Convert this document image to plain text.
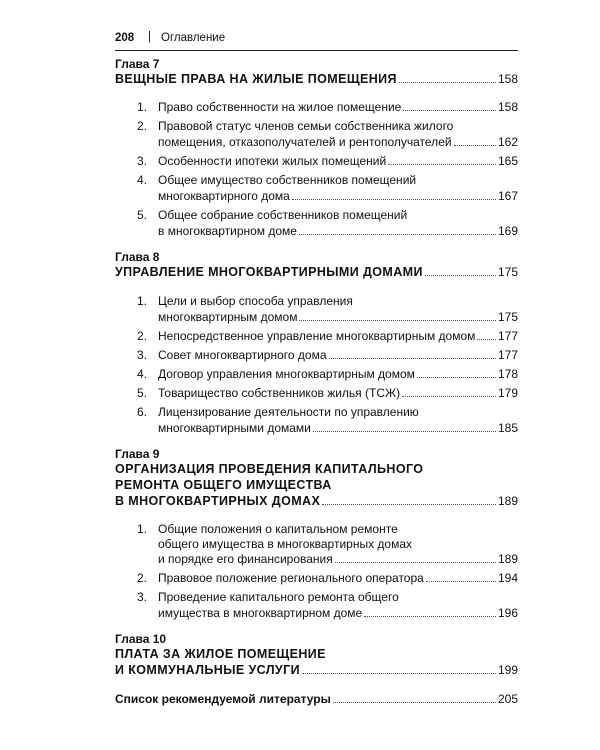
208 | Оглавление
Глава 7
ВЕЩНЫЕ ПРАВА НА ЖИЛЫЕ ПОМЕЩЕНИЯ	158
1. Право собственности на жилое помещение	158
2. Правовой статус членов семьи собственника жилого
помещения, отказополучателей и рентополучателей	162
3. Особенности ипотеки жилых помещений	165
4. Общее имущество собственников помещений
многоквартирного дома	167
5. Общее собрание собственников помещений
в многоквартирном доме	169
Глава 8
УПРАВЛЕНИЕ МНОГОКВАРТИРНЫМИ ДОМАМИ	175
1. Цели и выбор способа управления
многоквартирным домом	175
2. Непосредственное управление многоквартирным домом 177
3. Совет многоквартирного дома	177
4. Договор управления многоквартирным домом	178
5. Товарищество собственников жилья (ТСЖ)	179
6. Лицензирование деятельности по управлению
многоквартирными домами	185
Глава 9
ОРГАНИЗАЦИЯ ПРОВЕДЕНИЯ КАПИТАЛЬНОГО
РЕМОНТА ОБЩЕГО ИМУЩЕСТВА
В МНОГОКВАРТИРНЫХ ДОМАХ	189
1. Общие положения о капитальном ремонте
общего имущества в многоквартирных домах
и порядке его финансирования	189
2. Правовое положение регионального оператора	194
3. Проведение капитального ремонта общего
имущества в многоквартирном доме	196
Глава 10
ПЛАТА ЗА ЖИЛОЕ ПОМЕЩЕНИЕ
И КОММУНАЛЬНЫЕ УСЛУГИ	199
Список рекомендуемой литературы	205
